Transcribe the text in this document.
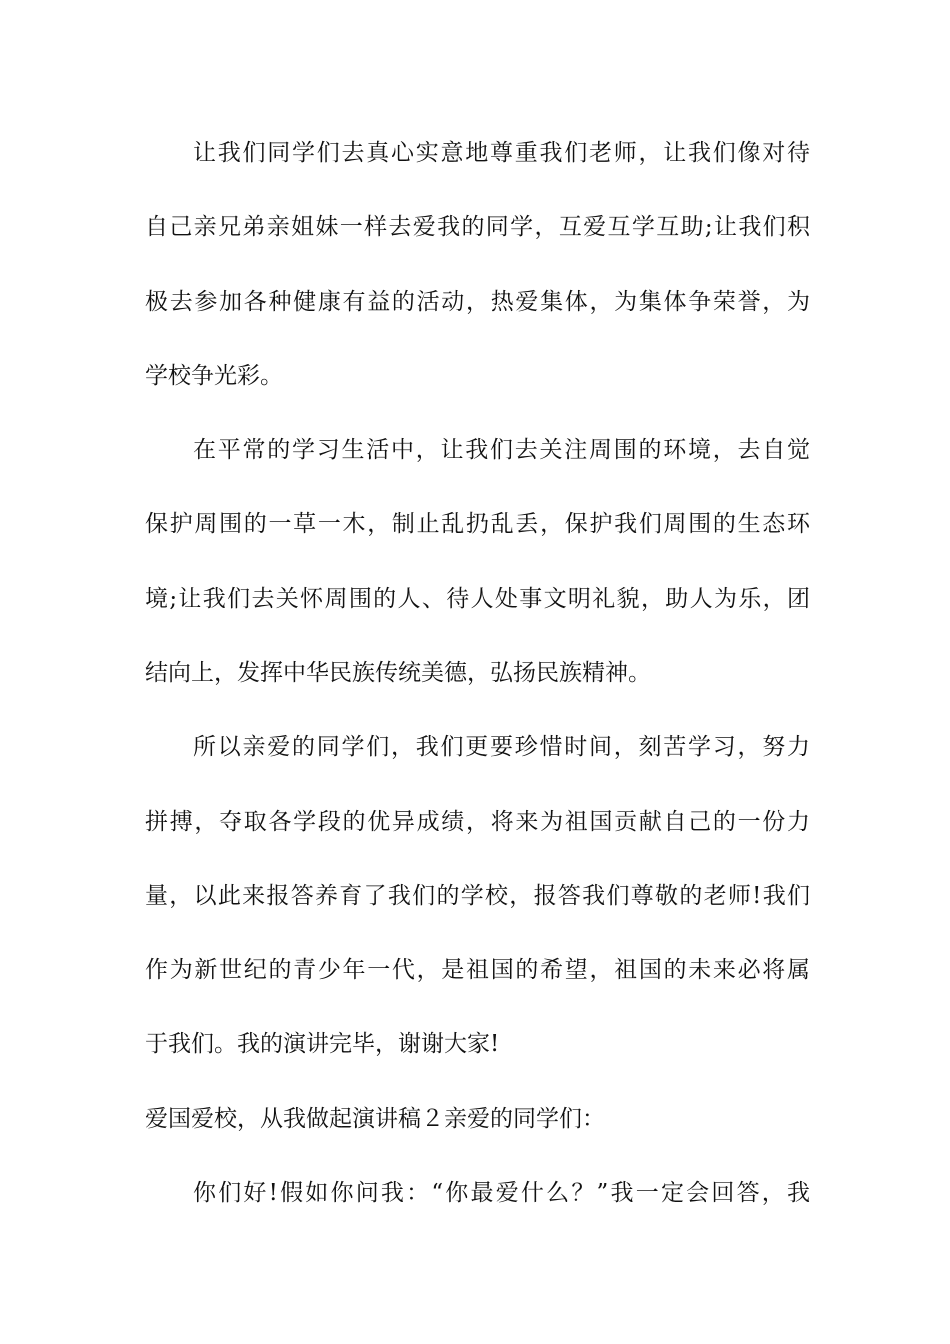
让我们同学们去真心实意地尊重我们老师，让我们像对待
自己亲兄弟亲姐妹一样去爱我的同学，互爱互学互助;让我们积
极去参加各种健康有益的活动，热爱集体，为集体争荣誉，为
学校争光彩。
在平常的学习生活中，让我们去关注周围的环境，去自觉
保护周围的一草一木，制止乱扔乱丢，保护我们周围的生态环
境;让我们去关怀周围的人、待人处事文明礼貌，助人为乐，团
结向上，发挥中华民族传统美德，弘扬民族精神。
所以亲爱的同学们，我们更要珍惜时间，刻苦学习，努力
拼搏，夺取各学段的优异成绩，将来为祖国贡献自己的一份力
量，以此来报答养育了我们的学校，报答我们尊敬的老师!我们
作为新世纪的青少年一代，是祖国的希望，祖国的未来必将属
于我们。我的演讲完毕，谢谢大家!
爱国爱校，从我做起演讲稿２亲爱的同学们：
你们好!假如你问我：“你最爱什么？”我一定会回答，我
